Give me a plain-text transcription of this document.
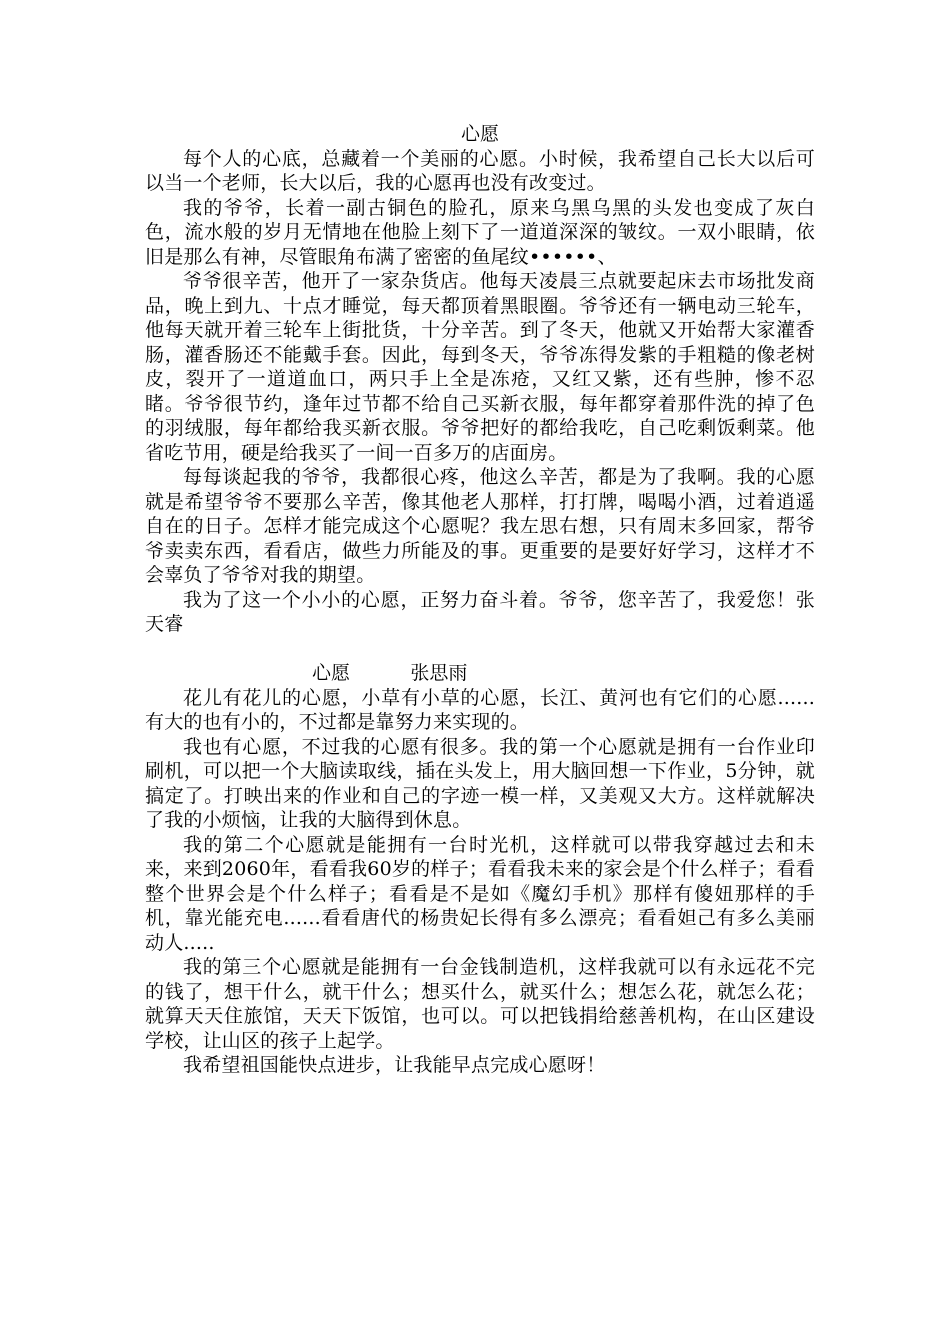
心愿

每个人的心底，总藏着一个美丽的心愿。小时候，我希望自己长大以后可以当一个老师，长大以后，我的心愿再也没有改变过。

我的爷爷，长着一副古铜色的脸孔，原来乌黑乌黑的头发也变成了灰白色，流水般的岁月无情地在他脸上刻下了一道道深深的皱纹。一双小眼睛，依旧是那么有神，尽管眼角布满了密密的鱼尾纹••••••、

爷爷很辛苦，他开了一家杂货店。他每天凌晨三点就要起床去市场批发商品，晚上到九、十点才睡觉，每天都顶着黑眼圈。爷爷还有一辆电动三轮车，他每天就开着三轮车上街批货，十分辛苦。到了冬天，他就又开始帮大家灌香肠，灌香肠还不能戴手套。因此，每到冬天，爷爷冻得发紫的手粗糙的像老树皮，裂开了一道道血口，两只手上全是冻疮，又红又紫，还有些肿，惨不忍睹。爷爷很节约，逢年过节都不给自己买新衣服，每年都穿着那件洗的掉了色的羽绒服，每年都给我买新衣服。爷爷把好的都给我吃，自己吃剩饭剩菜。他省吃节用，硬是给我买了一间一百多万的店面房。

每每谈起我的爷爷，我都很心疼，他这么辛苦，都是为了我啊。我的心愿就是希望爷爷不要那么辛苦，像其他老人那样，打打牌，喝喝小酒，过着逍遥自在的日子。怎样才能完成这个心愿呢？我左思右想，只有周末多回家，帮爷爷卖卖东西，看看店，做些力所能及的事。更重要的是要好好学习，这样才不会辜负了爷爷对我的期望。

我为了这一个小小的心愿，正努力奋斗着。爷爷，您辛苦了，我爱您！张天睿

心愿	张思雨

花儿有花儿的心愿，小草有小草的心愿，长江、黄河也有它们的心愿......有大的也有小的，不过都是靠努力来实现的。

我也有心愿，不过我的心愿有很多。我的第一个心愿就是拥有一台作业印刷机，可以把一个大脑读取线，插在头发上，用大脑回想一下作业，5分钟，就搞定了。打映出来的作业和自己的字迹一模一样，又美观又大方。这样就解决了我的小烦恼，让我的大脑得到休息。

我的第二个心愿就是能拥有一台时光机，这样就可以带我穿越过去和未来，来到2060年，看看我60岁的样子；看看我未来的家会是个什么样子；看看整个世界会是个什么样子；看看是不是如《魔幻手机》那样有傻妞那样的手机，靠光能充电......看看唐代的杨贵妃长得有多么漂亮；看看妲己有多么美丽动人.....

我的第三个心愿就是能拥有一台金钱制造机，这样我就可以有永远花不完的钱了，想干什么，就干什么；想买什么，就买什么；想怎么花，就怎么花；就算天天住旅馆，天天下饭馆，也可以。可以把钱捐给慈善机构，在山区建设学校，让山区的孩子上起学。

我希望祖国能快点进步，让我能早点完成心愿呀！
